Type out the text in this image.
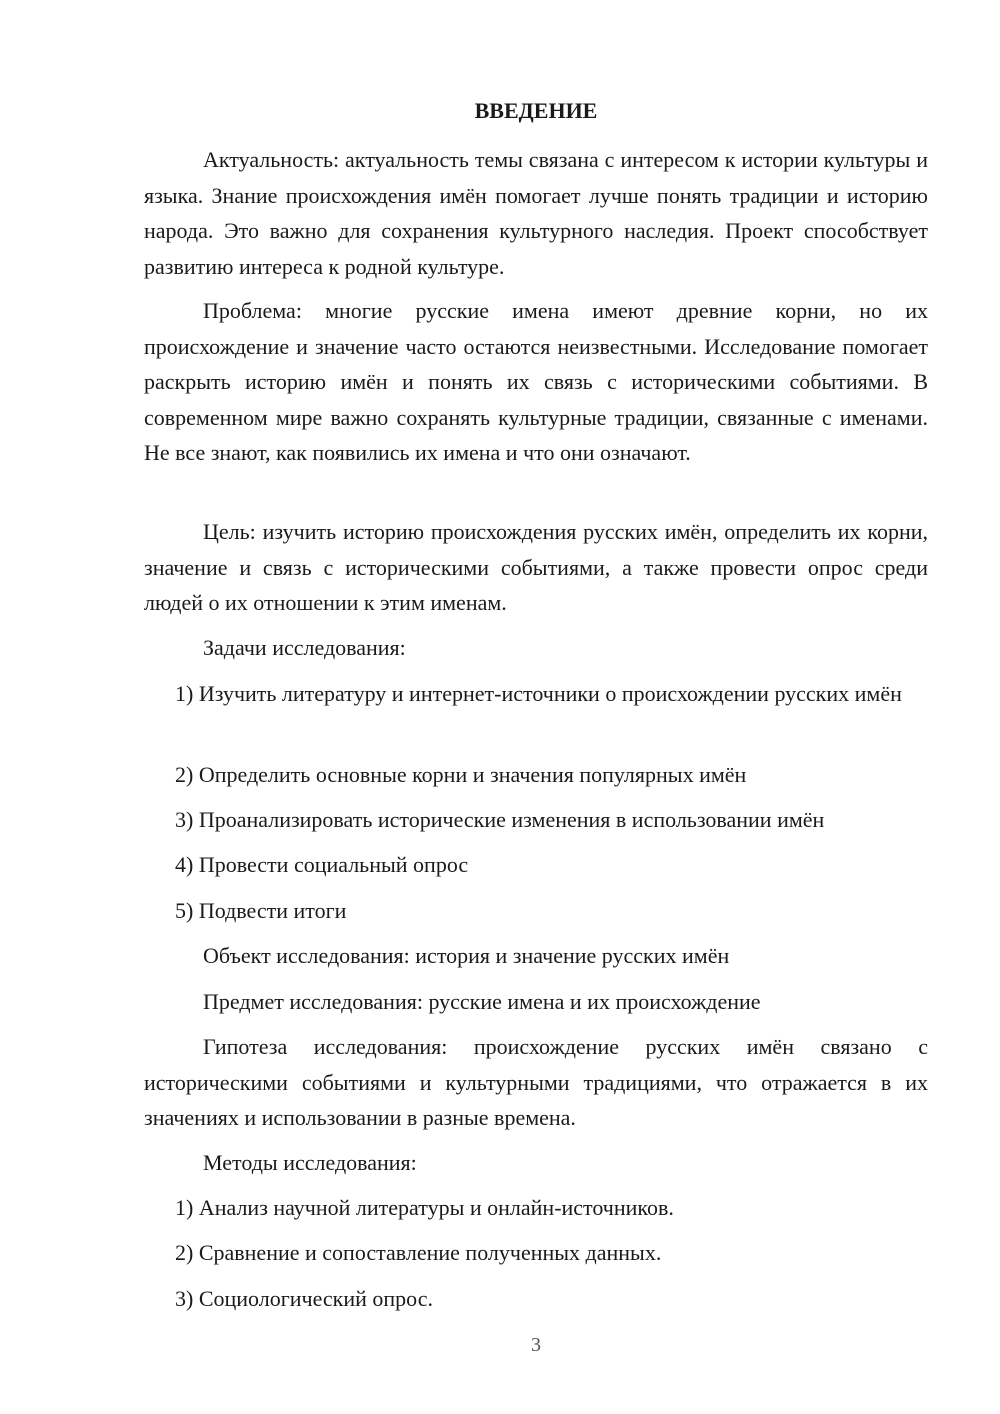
ВВЕДЕНИЕ

Актуальность: актуальность темы связана с интересом к истории культуры и языка. Знание происхождения имён помогает лучше понять традиции и историю народа. Это важно для сохранения культурного наследия. Проект способствует развитию интереса к родной культуре.

Проблема: многие русские имена имеют древние корни, но их происхождение и значение часто остаются неизвестными. Исследование помогает раскрыть историю имён и понять их связь с историческими событиями. В современном мире важно сохранять культурные традиции, связанные с именами. Не все знают, как появились их имена и что они означают.

Цель: изучить историю происхождения русских имён, определить их корни, значение и связь с историческими событиями, а также провести опрос среди людей о их отношении к этим именам.

Задачи исследования:

1) Изучить литературу и интернет-источники о происхождении русских имён

2) Определить основные корни и значения популярных имён

3) Проанализировать исторические изменения в использовании имён

4) Провести социальный опрос

5) Подвести итоги

Объект исследования: история и значение русских имён

Предмет исследования: русские имена и их происхождение

Гипотеза исследования: происхождение русских имён связано с историческими событиями и культурными традициями, что отражается в их значениях и использовании в разные времена.

Методы исследования:

1) Анализ научной литературы и онлайн-источников.

2) Сравнение и сопоставление полученных данных.

3) Социологический опрос.

3
